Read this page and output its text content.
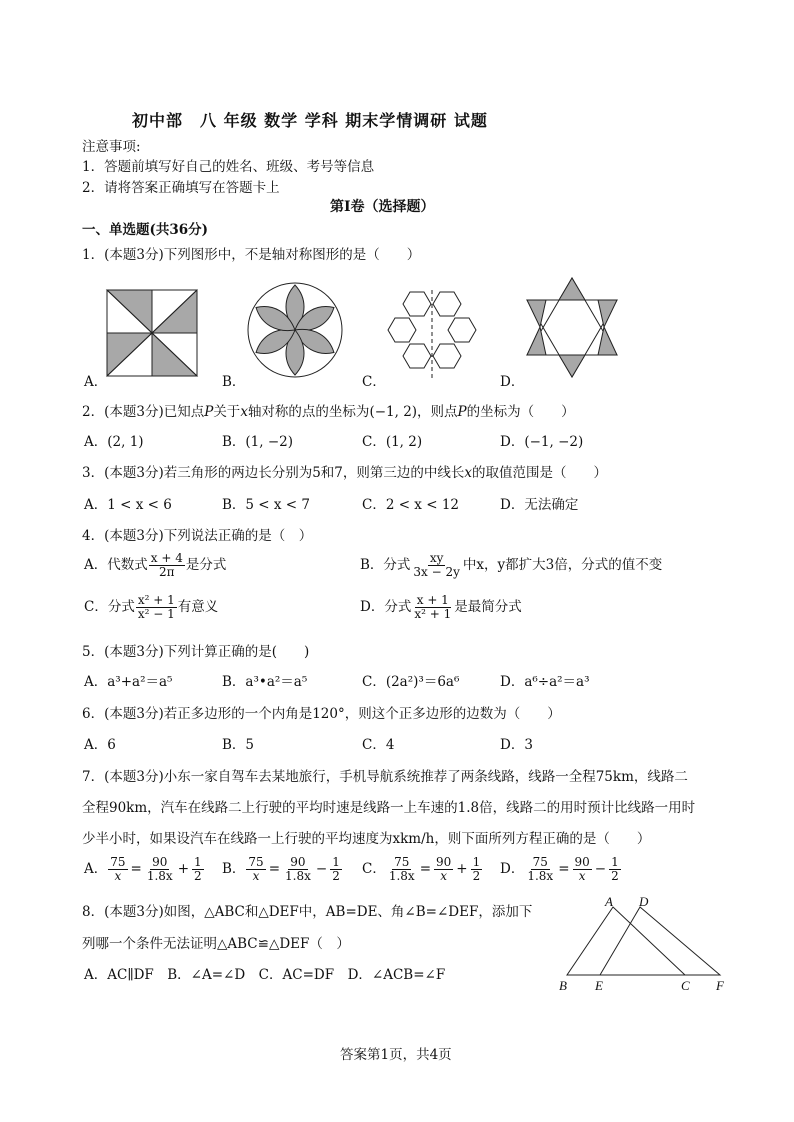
初中部　八 年级 数学 学科 期末学情调研 试题
注意事项:
1．答题前填写好自己的姓名、班级、考号等信息
2．请将答案正确填写在答题卡上
第Ⅰ卷（选择题）
一、单选题(共36分)
1．(本题3分)下列图形中，不是轴对称图形的是（　　）
A．	B．	C．	D．
2．(本题3分)已知点P关于x轴对称的点的坐标为(−1, 2)，则点P的坐标为（　　）
A．(2, 1)	B．(1, −2)	C．(1, 2)	D．(−1, −2)
3．(本题3分)若三角形的两边长分别为5和7，则第三边的中线长x的取值范围是（　　）
A．1 < x < 6	B．5 < x < 7	C．2 < x < 12	D．无法确定
4．(本题3分)下列说法正确的是（　）
A．代数式 $\frac{x + 4}{2\pi}$ 是分式	B．分式 $\frac{xy}{3x - 2y}$ 中x，y都扩大3倍，分式的值不变
C．分式 $\frac{\text{x² + 1}}{\text{x² − 1}}$ 有意义	D．分式 $\frac{x + 1}{\text{x² + 1}}$ 是最简分式
5．(本题3分)下列计算正确的是(　　)
A．a³+a²＝a⁵	B．a³•a²＝a⁵	C．(2a²)³＝6a⁶	D．a⁶÷a²＝a³
6．(本题3分)若正多边形的一个内角是120°，则这个正多边形的边数为（　　）
A．6	B．5	C．4	D．3
7．(本题3分)小东一家自驾车去某地旅行，手机导航系统推荐了两条线路，线路一全程75km，线路二
全程90km，汽车在线路二上行驶的平均时速是线路一上车速的1.8倍，线路二的用时预计比线路一用时
少半小时，如果设汽车在线路一上行驶的平均速度为xkm/h，则下面所列方程正确的是（　　）
A． $\frac{75}{x} = \frac{90}{1.8x} + \frac{1}{2}$ B． $\frac{75}{x} = \frac{90}{1.8x} - \frac{1}{2}$ C． $\frac{75}{1.8x} = \frac{90}{x} + \frac{1}{2}$ D． $\frac{75}{1.8x} = \frac{90}{x} - \frac{1}{2}$
8．(本题3分)如图，△ABC和△DEF中，AB=DE、角∠B=∠DEF，添加下
列哪一个条件无法证明△ABC≌△DEF（　）
A．AC∥DF　B．∠A=∠D　C．AC=DF　D．∠ACB=∠F
A D
B E	C F
答案第1页，共4页
